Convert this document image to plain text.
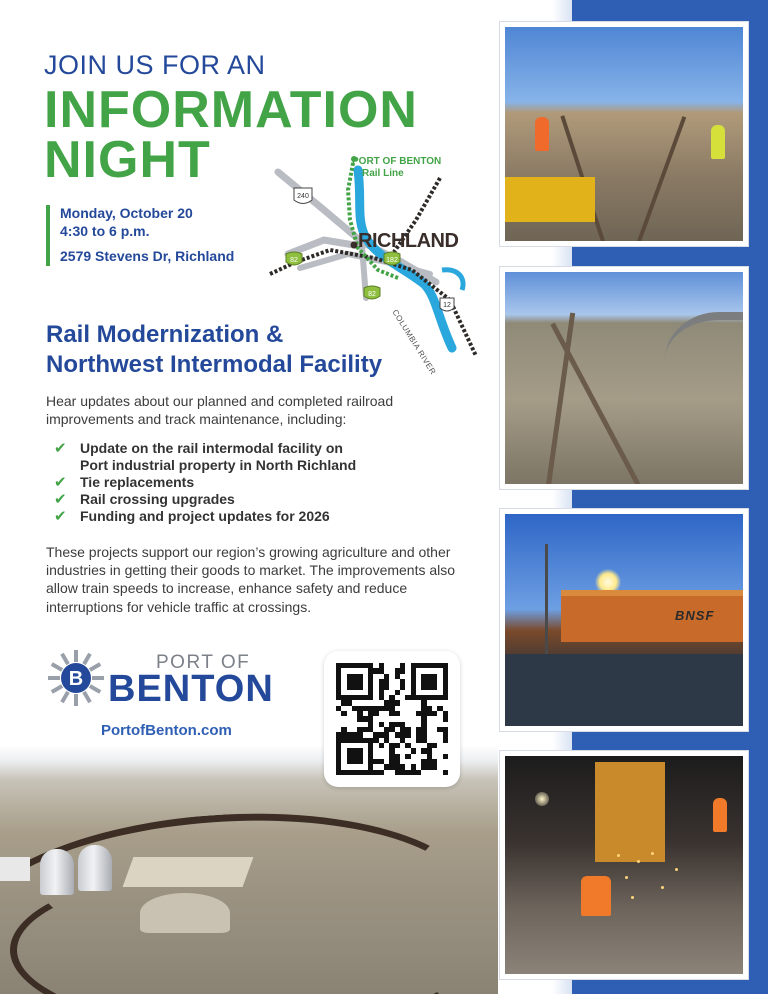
JOIN US FOR AN
INFORMATION
NIGHT
Monday, October 20
4:30 to 6 p.m.
2579 Stevens Dr, Richland
240
82	182
82
12
PORT OF BENTON
Rail Line
RICHLAND
COLUMBIA RIVER
Rail Modernization &
Northwest Intermodal Facility
Hear updates about our planned and completed railroad improvements and track maintenance, including:
✔ Update on the rail intermodal facility on
Port industrial property in North Richland
✔ Tie replacements
✔ Rail crossing upgrades
✔ Funding and project updates for 2026
These projects support our region’s growing agriculture and other industries in getting their goods to market. The improvements also allow train speeds to increase, enhance safety and reduce interruptions for vehicle traffic at crossings.
B
PORT OF
BENTON
PortofBenton.com
BNSF
